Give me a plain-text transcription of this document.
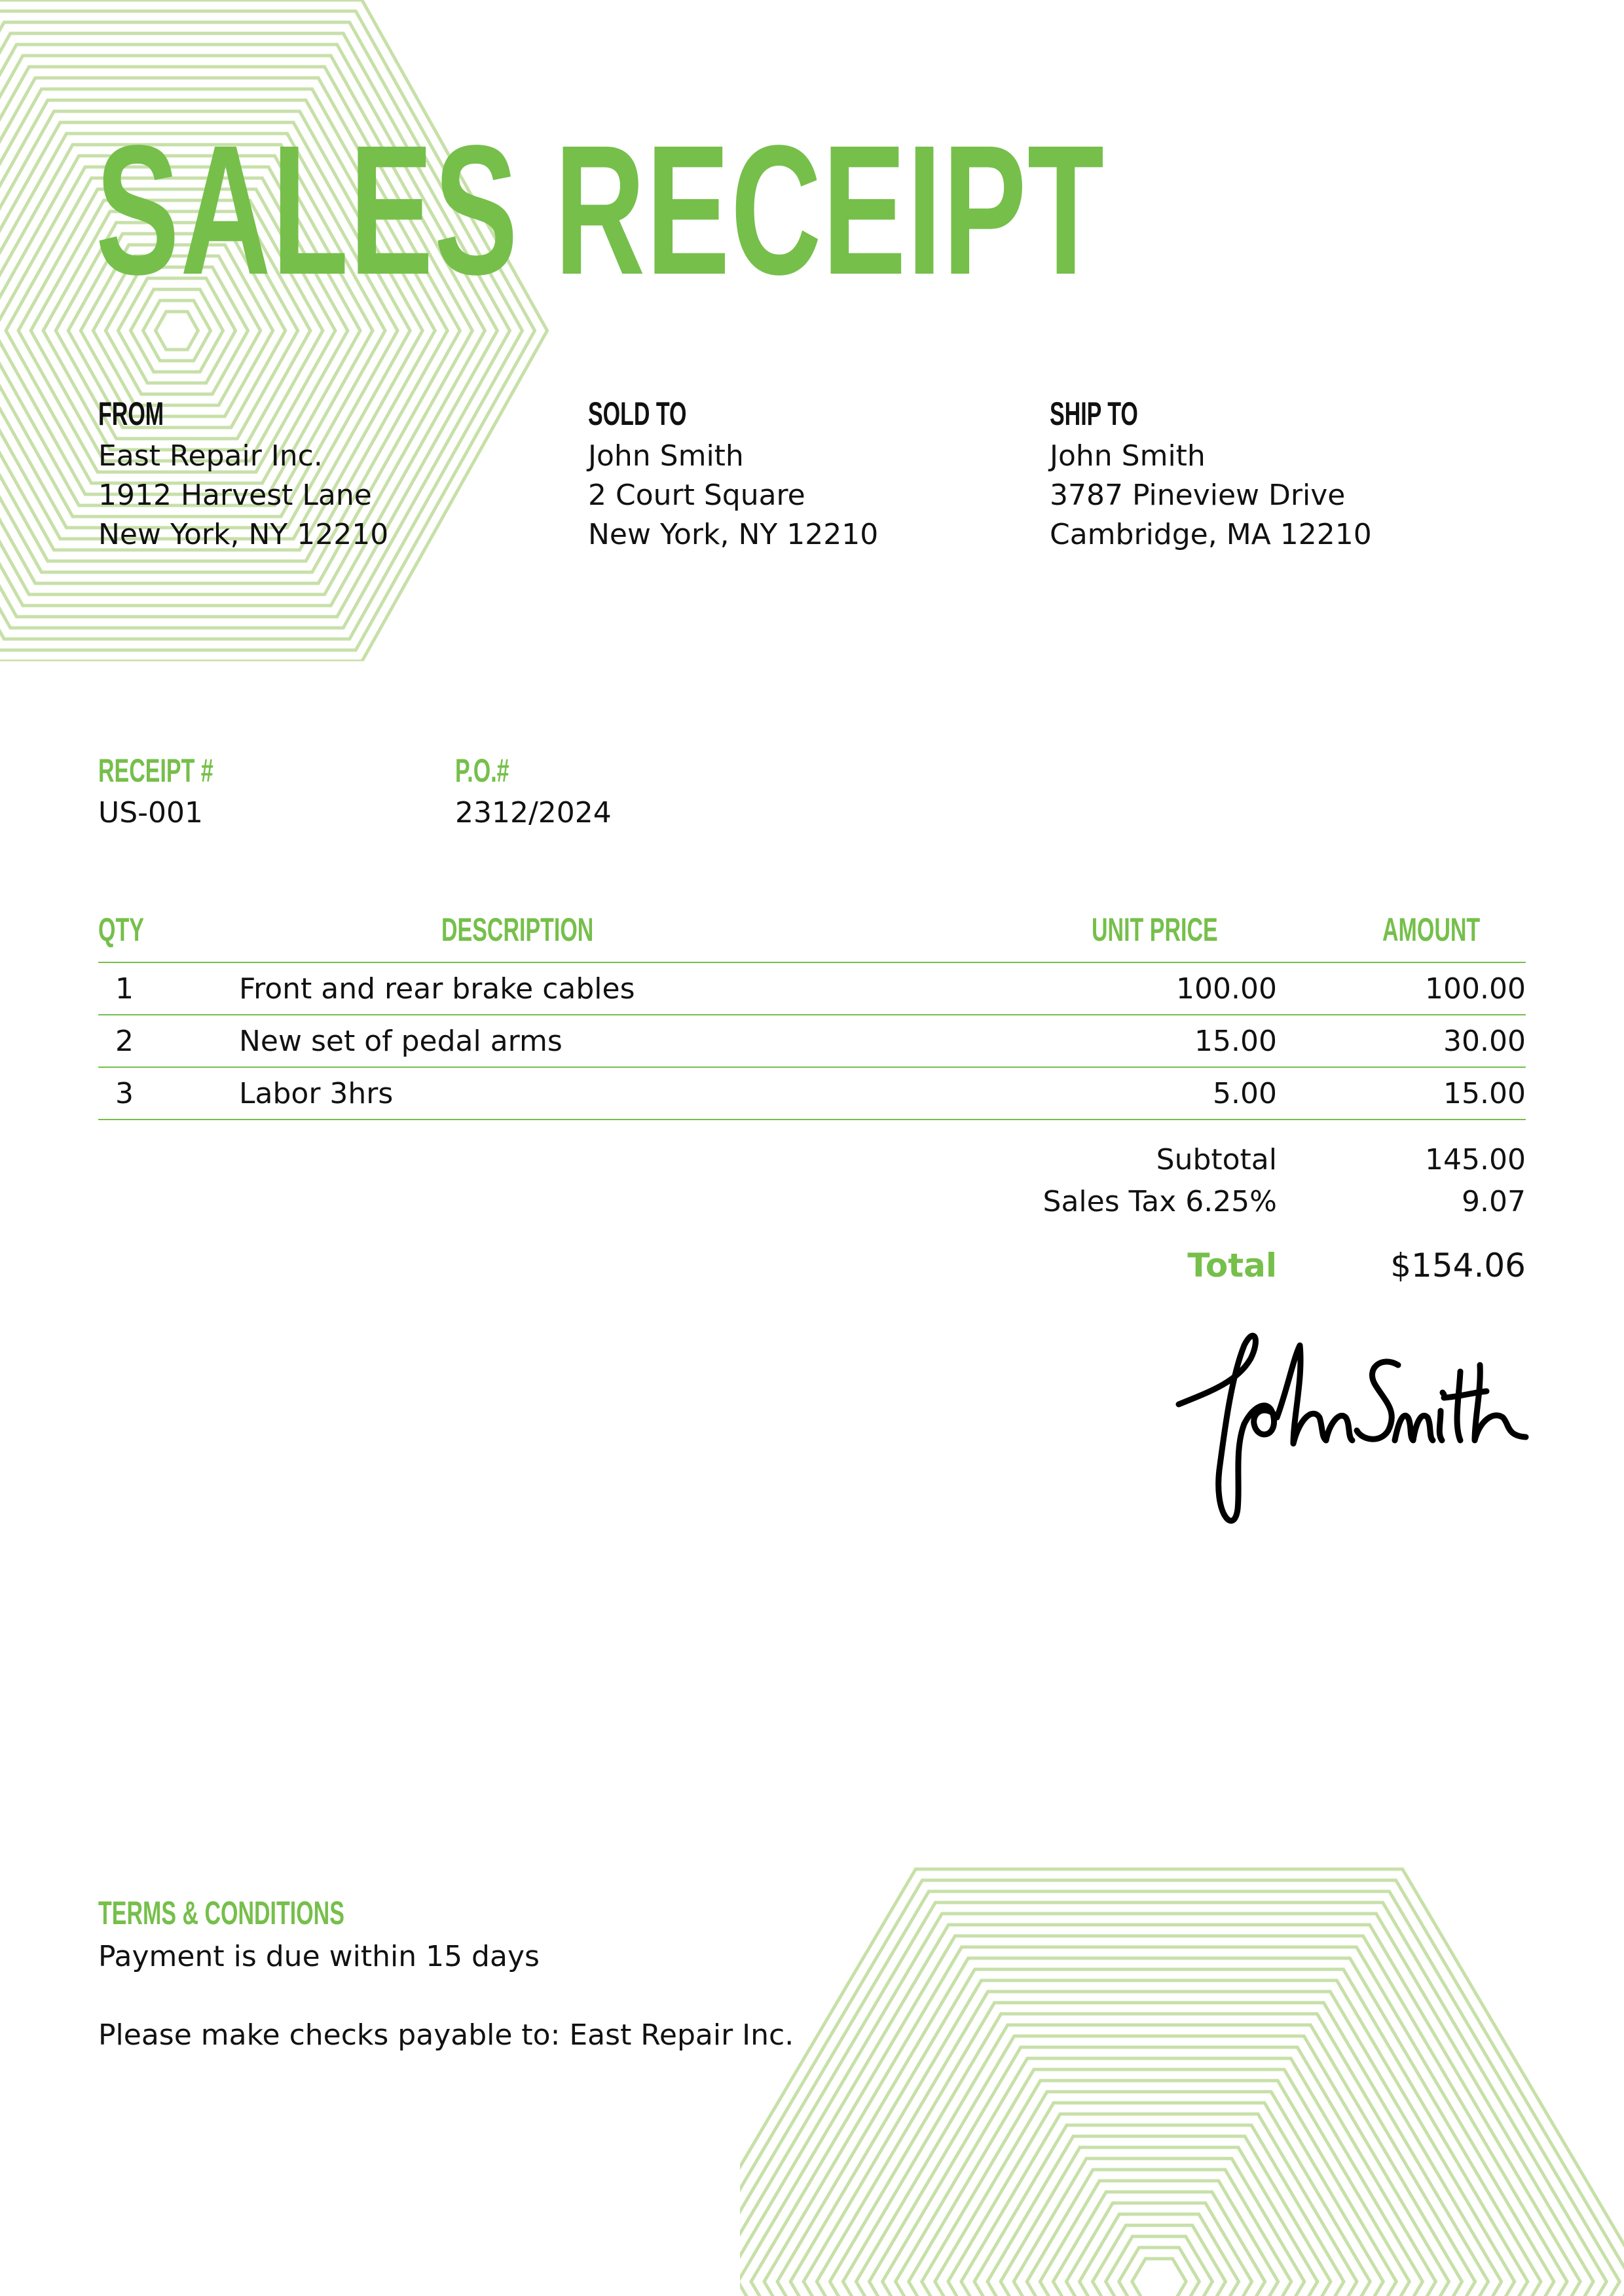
SALES RECEIPT
FROM
East Repair Inc.
1912 Harvest Lane
New York, NY 12210
SOLD TO
John Smith
2 Court Square
New York, NY 12210
SHIP TO
John Smith
3787 Pineview Drive
Cambridge, MA 12210
RECEIPT #
US-001
P.O.#
2312/2024
QTY	DESCRIPTION	UNIT PRICE	AMOUNT

1	Front and rear brake cables	100.00	100.00
2	New set of pedal arms	15.00	30.00
3	Labor 3hrs	5.00	15.00
Subtotal	145.00
Sales Tax 6.25%	9.07
Total	$154.06
TERMS & CONDITIONS
Payment is due within 15 days
Please make checks payable to: East Repair Inc.
